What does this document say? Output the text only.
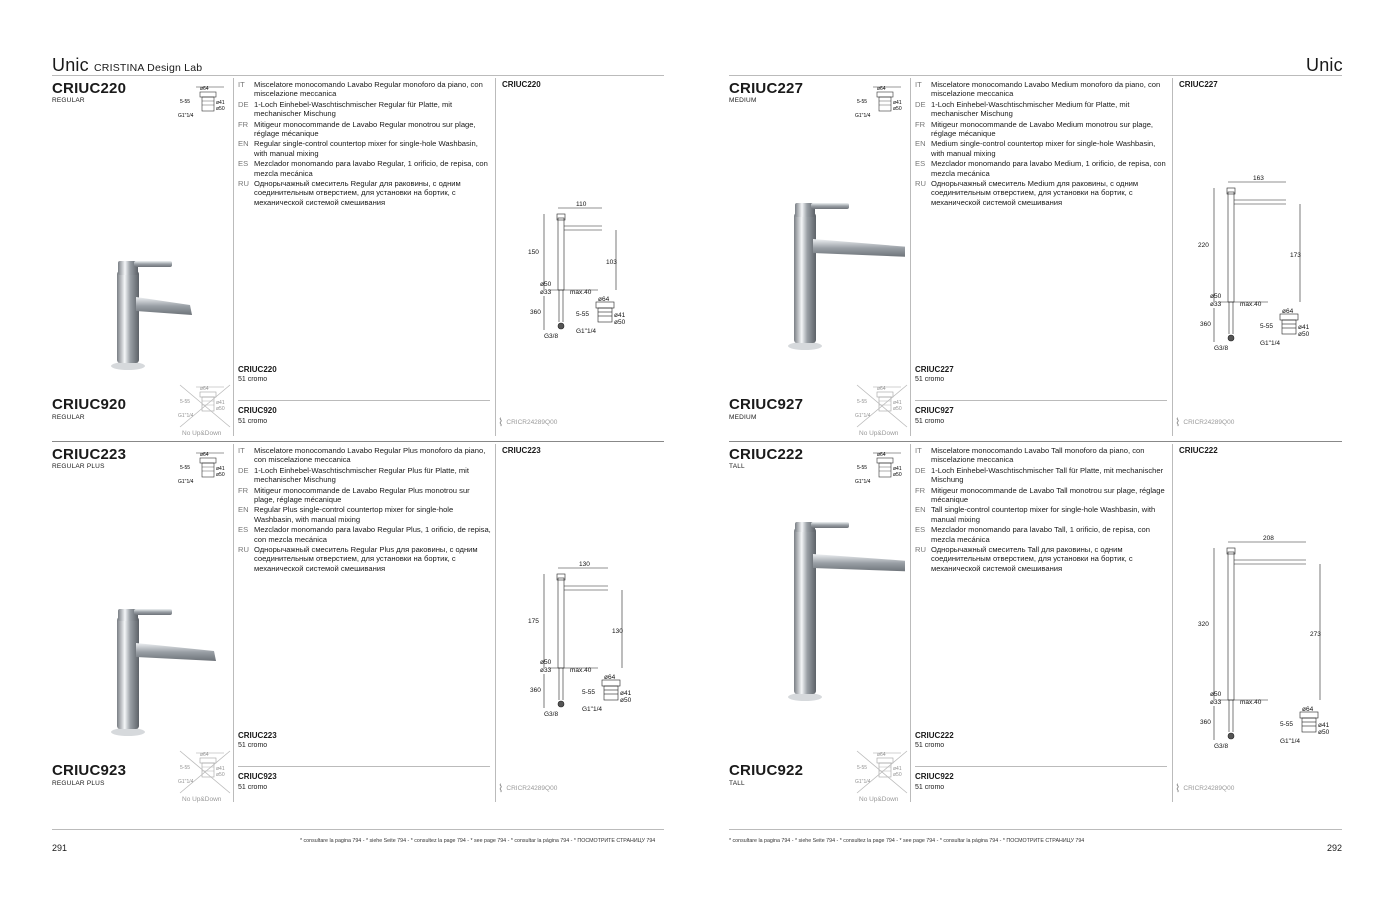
Unic CRISTINA Design Lab	Unic
CRIUC220
REGULAR
ø64
5-55	ø41
ø50
G1"1/4
CRIUC920
REGULAR
ø64
5-55	ø41
ø50
G1"1/4
No Up&Down
IT	Miscelatore monocomando Lavabo Regular monoforo da piano, con miscelazione meccanica
DE 1-Loch Einhebel-Waschtischmischer Regular für Platte, mit mechanischer Mischung
FR Mitigeur monocommande de Lavabo Regular monotrou sur plage, réglage mécanique
EN Regular single-control countertop mixer for single-hole Washbasin, with manual mixing
ES Mezclador monomando para lavabo Regular, 1 orificio, de repisa, con mezcla mecánica
RU Однорычажный смеситель Regular для раковины, с одним соединительным отверстием, для установки на бортик, с механической системой смешивания
CRIUC220
51 cromo
CRIUC920
51 cromo
CRIUC220
110
150
103
ø50
ø33	max.40
360
G3/8
ø64
5-55	ø41
ø50
G1"1/4
⌇ CRICR24289Q00
CRIUC223
REGULAR PLUS
ø64
5-55	ø41
ø50
G1"1/4
CRIUC923
REGULAR PLUS
ø64
5-55	ø41
ø50
G1"1/4
No Up&Down
IT	Miscelatore monocomando Lavabo Regular Plus monoforo da piano, con miscelazione meccanica
DE 1-Loch Einhebel-Waschtischmischer Regular Plus für Platte, mit mechanischer Mischung
FR Mitigeur monocommande de Lavabo Regular Plus monotrou sur plage, réglage mécanique
EN Regular Plus single-control countertop mixer for single-hole Washbasin, with manual mixing
ES Mezclador monomando para lavabo Regular Plus, 1 orificio, de repisa, con mezcla mecánica
RU Однорычажный смеситель Regular Plus для раковины, с одним соединительным отверстием, для установки на бортик, с механической системой смешивания
CRIUC223
51 cromo
CRIUC923
51 cromo
CRIUC223
130
175
130
ø50
ø33	max.40
360
G3/8
ø64
5-55	ø41
ø50
G1"1/4
⌇ CRICR24289Q00
CRIUC227
MEDIUM
ø64
5-55	ø41
ø50
G1"1/4
CRIUC927
MEDIUM
ø64
5-55	ø41
ø50
G1"1/4
No Up&Down
IT	Miscelatore monocomando Lavabo Medium monoforo da piano, con miscelazione meccanica
DE 1-Loch Einhebel-Waschtischmischer Medium für Platte, mit mechanischer Mischung
FR Mitigeur monocommande de Lavabo Medium monotrou sur plage, réglage mécanique
EN Medium single-control countertop mixer for single-hole Washbasin, with manual mixing
ES Mezclador monomando para lavabo Medium, 1 orificio, de repisa, con mezcla mecánica
RU Однорычажный смеситель Medium для раковины, с одним соединительным отверстием, для установки на бортик, с механической системой смешивания
CRIUC227
51 cromo
CRIUC927
51 cromo
CRIUC227
163
220
173
ø50
ø33	max.40
360
G3/8
ø64
5-55	ø41
ø50
G1"1/4
⌇ CRICR24289Q00
CRIUC222
TALL
ø64
5-55	ø41
ø50
G1"1/4
CRIUC922
TALL
ø64
5-55	ø41
ø50
G1"1/4
No Up&Down
IT	Miscelatore monocomando Lavabo Tall monoforo da piano, con miscelazione meccanica
DE 1-Loch Einhebel-Waschtischmischer Tall für Platte, mit mechanischer Mischung
FR Mitigeur monocommande de Lavabo Tall monotrou sur plage, réglage mécanique
EN Tall single-control countertop mixer for single-hole Washbasin, with manual mixing
ES Mezclador monomando para lavabo Tall, 1 orificio, de repisa, con mezcla mecánica
RU Однорычажный смеситель Tall для раковины, с одним соединительным отверстием, для установки на бортик, с механической системой смешивания
CRIUC222
51 cromo
CRIUC922
51 cromo
CRIUC222
208
320
273
ø50
ø33	max.40
360
G3/8
ø64
5-55	ø41
ø50
G1"1/4
⌇ CRICR24289Q00
291
* consultare la pagina 794 - * siehe Seite 794 - * consultez la page 794 - * see page 794 - * consultar la página 794 - * ПОСМОТРИТЕ СТРАНИЦУ 794
292
* consultare la pagina 794 - * siehe Seite 794 - * consultez la page 794 - * see page 794 - * consultar la página 794 - * ПОСМОТРИТЕ СТРАНИЦУ 794
